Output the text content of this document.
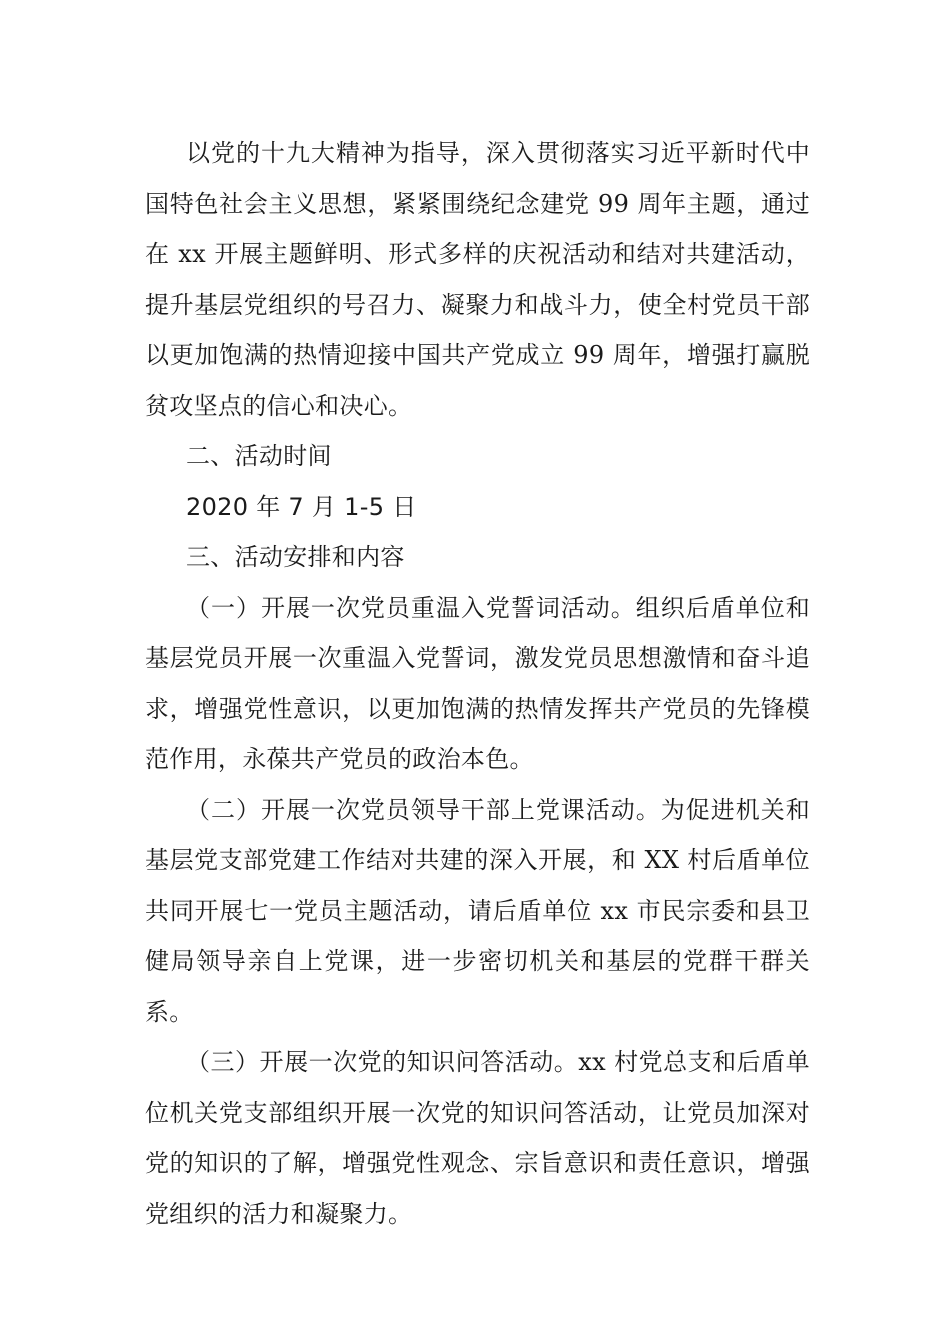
以党的十九大精神为指导，深入贯彻落实习近平新时代中国特色社会主义思想，紧紧围绕纪念建党 99 周年主题，通过在 xx 开展主题鲜明、形式多样的庆祝活动和结对共建活动，提升基层党组织的号召力、凝聚力和战斗力，使全村党员干部以更加饱满的热情迎接中国共产党成立 99 周年，增强打赢脱贫攻坚点的信心和决心。

二、活动时间

2020 年 7 月 1-5 日

三、活动安排和内容

（一）开展一次党员重温入党誓词活动。组织后盾单位和基层党员开展一次重温入党誓词，激发党员思想激情和奋斗追求，增强党性意识，以更加饱满的热情发挥共产党员的先锋模范作用，永葆共产党员的政治本色。

（二）开展一次党员领导干部上党课活动。为促进机关和基层党支部党建工作结对共建的深入开展，和 XX 村后盾单位共同开展七一党员主题活动，请后盾单位 xx 市民宗委和县卫健局领导亲自上党课，进一步密切机关和基层的党群干群关系。

（三）开展一次党的知识问答活动。xx 村党总支和后盾单位机关党支部组织开展一次党的知识问答活动，让党员加深对党的知识的了解，增强党性观念、宗旨意识和责任意识，增强党组织的活力和凝聚力。
